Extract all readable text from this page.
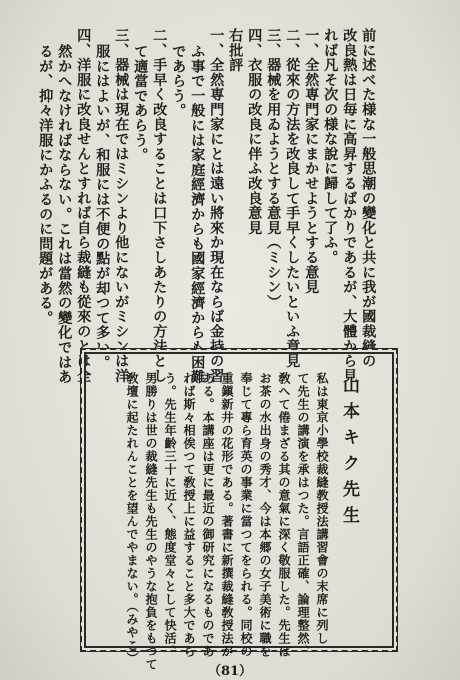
前に述べた様な一般思潮の變化と共に我が國裁縫の
改良熱は日毎に高昇するばかりであるが、大體から見
れば凡そ次の様な說に歸して了ふ。
一、全然専門家にまかせようとする意見
二、從來の方法を改良して手早くしたいといふ意見
三、器械を用ゐようとする意見（ミシン）
四、衣服の改良に伴ふ改良意見
右批評
一、全然専門家にとは遠い將來か現在ならば金持の習
ふ事で一般には家庭經濟からも國家經濟からも困難
であらう。
二、手早く改良することは口下さしあたりの方法とし
て適當であらう。
三、器械は現在ではミシンより他にないがミシンは洋
服にはよいが、和服には不便の點が却つて多い。
四、洋服に改良せんとすれば自ら裁縫も從來のとは全
然かへなければならない。これは當然の變化ではあ
るが、抑々洋服にかふるのに問題がある。
山本キク先生
私は東京小學校裁縫教授法講習會の末席に列し
て先生の講演を承はつた。言語正確、論理整然、
敎へて倦まざる其の意氣に深く敬服した。先生は
お茶の水出身の秀才、今は本郷の女子美術に職を
奉じて專ら育英の事業に當つてをられる。同校の
重鎭新井の花形である。著書に新撰裁縫敎授法が
ある。本講座は更に最近の御研究になるものであ
れば斯々相俟つて敎授上に益すること多大であら
う。先生年齡三十に近く、態度堂々として快活、
男勝りは世の裁縫先生も先生のやうな抱負をもつて
敎壇に起たれんことを望んでやまない。（みやこ）
（81）
